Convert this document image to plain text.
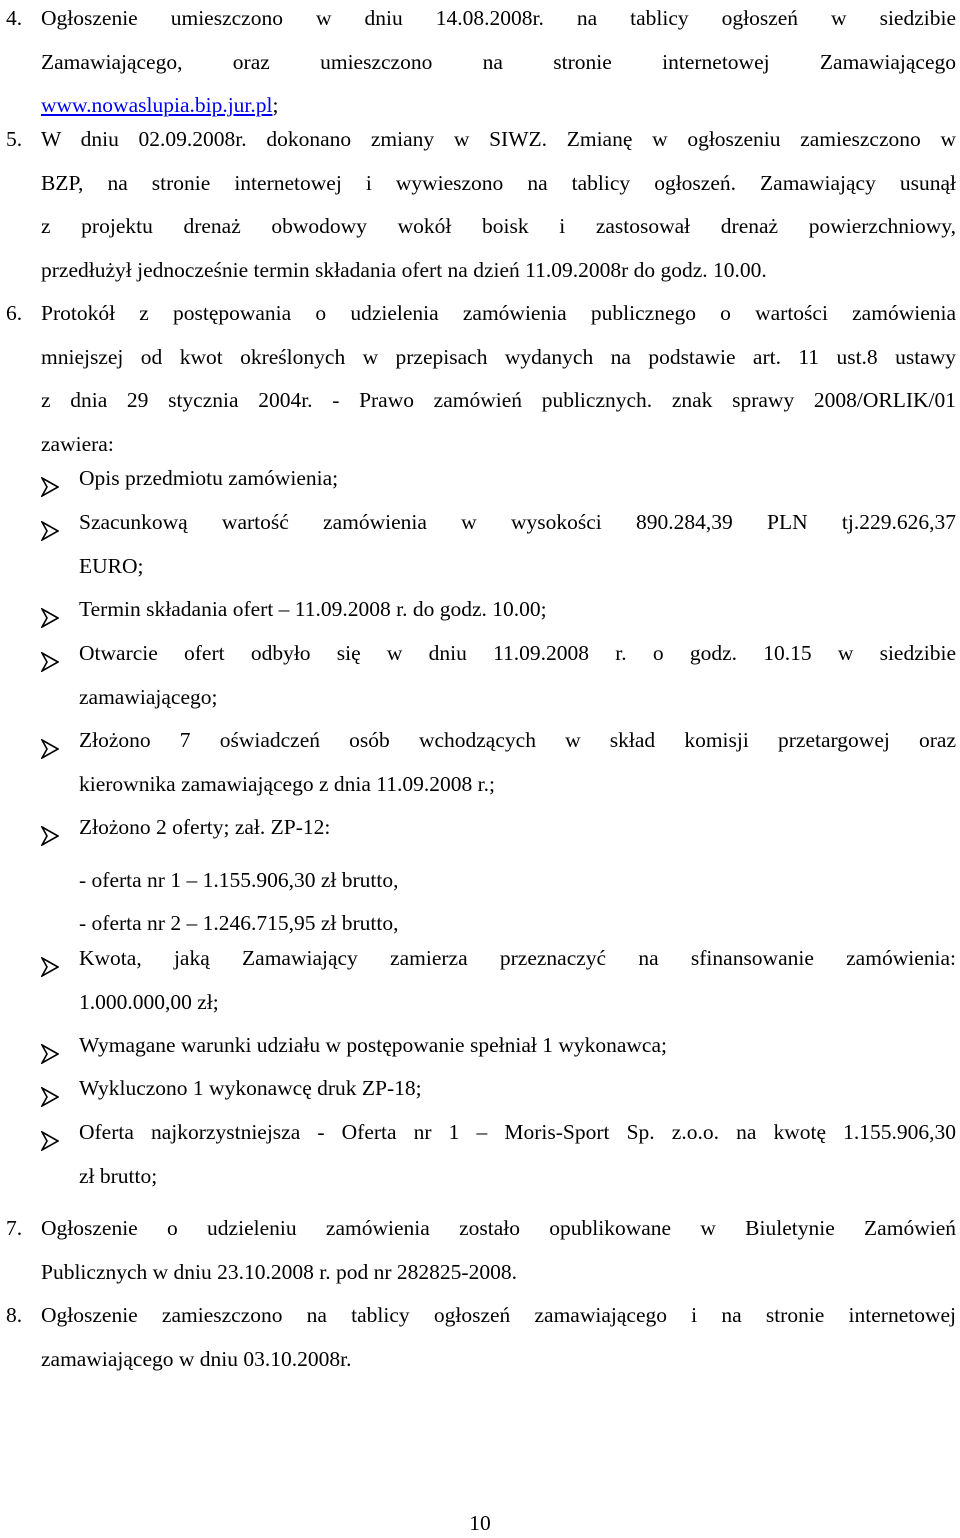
4. Ogłoszenie umieszczono w dniu 14.08.2008r. na tablicy ogłoszeń w siedzibie
Zamawiającego, oraz umieszczono na stronie internetowej Zamawiającego
www.nowaslupia.bip.jur.pl;
5. W dniu 02.09.2008r. dokonano zmiany w SIWZ. Zmianę w ogłoszeniu zamieszczono w
BZP, na stronie internetowej i wywieszono na tablicy ogłoszeń. Zamawiający usunął
z projektu drenaż obwodowy wokół boisk i zastosował drenaż powierzchniowy,
przedłużył jednocześnie termin składania ofert na dzień 11.09.2008r do godz. 10.00.
6. Protokół z postępowania o udzielenia zamówienia publicznego o wartości zamówienia
mniejszej od kwot określonych w przepisach wydanych na podstawie art. 11 ust.8 ustawy
z dnia 29 stycznia 2004r. - Prawo zamówień publicznych. znak sprawy 2008/ORLIK/01
zawiera:
Opis przedmiotu zamówienia;
Szacunkową wartość zamówienia w wysokości 890.284,39 PLN tj.229.626,37
EURO;
Termin składania ofert – 11.09.2008 r. do godz. 10.00;
Otwarcie ofert odbyło się w dniu 11.09.2008 r. o godz. 10.15 w siedzibie
zamawiającego;
Złożono 7 oświadczeń osób wchodzących w skład komisji przetargowej oraz
kierownika zamawiającego z dnia 11.09.2008 r.;
Złożono 2 oferty; zał. ZP-12:
- oferta nr 1 – 1.155.906,30 zł brutto,
- oferta nr 2 – 1.246.715,95 zł brutto,
Kwota, jaką Zamawiający zamierza przeznaczyć na sfinansowanie zamówienia:
1.000.000,00 zł;
Wymagane warunki udziału w postępowanie spełniał 1 wykonawca;
Wykluczono 1 wykonawcę druk ZP-18;
Oferta najkorzystniejsza - Oferta nr 1 – Moris-Sport Sp. z.o.o. na kwotę 1.155.906,30
zł brutto;
7. Ogłoszenie o udzieleniu zamówienia zostało opublikowane w Biuletynie Zamówień
Publicznych w dniu 23.10.2008 r. pod nr 282825-2008.
8. Ogłoszenie zamieszczono na tablicy ogłoszeń zamawiającego i na stronie internetowej
zamawiającego w dniu 03.10.2008r.
10
